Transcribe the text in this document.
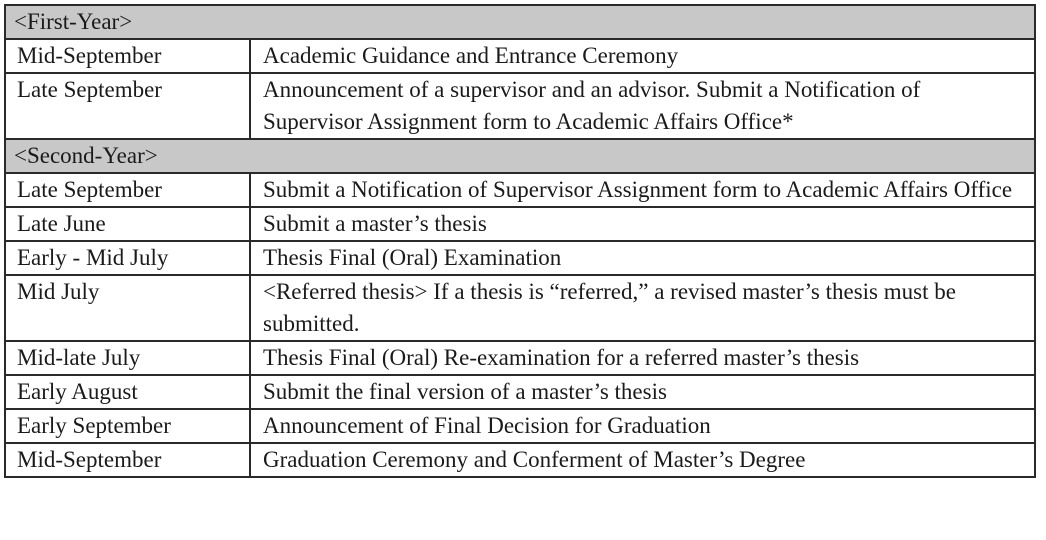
<First-Year>	
Mid-September	Academic Guidance and Entrance Ceremony
Late September	Announcement of a supervisor and an advisor. Submit a Notification of Supervisor Assignment form to Academic Affairs Office*
<Second-Year>	
Late September	Submit a Notification of Supervisor Assignment form to Academic Affairs Office
Late June	Submit a master’s thesis
Early - Mid July	Thesis Final (Oral) Examination
Mid July	<Referred thesis> If a thesis is “referred,” a revised master’s thesis must be submitted.
Mid-late July	Thesis Final (Oral) Re-examination for a referred master’s thesis
Early August	Submit the final version of a master’s thesis
Early September	Announcement of Final Decision for Graduation
Mid-September	Graduation Ceremony and Conferment of Master’s Degree
